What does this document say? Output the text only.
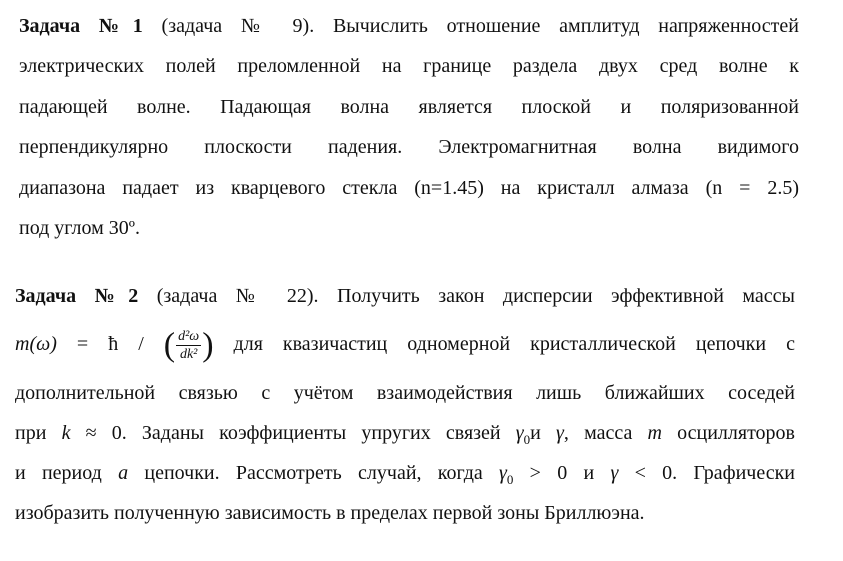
Задача №1 (задача № 9). Вычислить отношение амплитуд напряженностей
электрических полей преломленной на границе раздела двух сред волне к
падающей волне. Падающая волна является плоской и поляризованной
перпендикулярно плоскости падения. Электромагнитная волна видимого
диапазона падает из кварцевого стекла (n=1.45) на кристалл алмаза (n = 2.5)
под углом 30º.
Задача №2 (задача № 22). Получить закон дисперсии эффективной массы
m(ω) = ħ / ( $\frac{\text{d²ω}}{\text{dk²}}$ ) для квазичастиц одномерной кристаллической цепочки с
дополнительной связью с учётом взаимодействия лишь ближайших соседей
при k ≈ 0. Заданы коэффициенты упругих связей $\gamma_0и$ γ, масса m осцилляторов
и период a цепочки. Рассмотреть случай, когда $\gamma_0 > 0$ и γ < 0. Графически
изобразить полученную зависимость в пределах первой зоны Бриллюэна.
